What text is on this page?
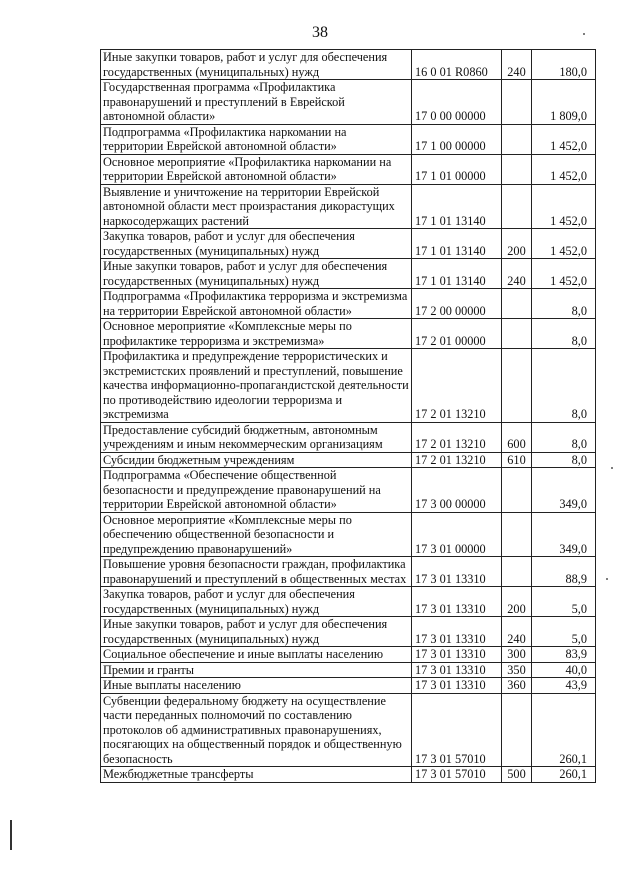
38
Иные закупки товаров, работ и услуг для обеспечения государственных (муниципальных) нужд	16 0 01 R0860	240	180,0
Государственная программа «Профилактика правонарушений и преступлений в Еврейской автономной области»	17 0 00 00000		1 809,0
Подпрограмма «Профилактика наркомании на территории Еврейской автономной области»	17 1 00 00000		1 452,0
Основное мероприятие «Профилактика наркомании на территории Еврейской автономной области»	17 1 01 00000		1 452,0
Выявление и уничтожение на территории Еврейской автономной области мест произрастания дикорастущих наркосодержащих растений	17 1 01 13140		1 452,0
Закупка товаров, работ и услуг для обеспечения государственных (муниципальных) нужд	17 1 01 13140	200	1 452,0
Иные закупки товаров, работ и услуг для обеспечения государственных (муниципальных) нужд	17 1 01 13140	240	1 452,0
Подпрограмма «Профилактика терроризма и экстремизма на территории Еврейской автономной области»	17 2 00 00000		8,0
Основное мероприятие «Комплексные меры по профилактике терроризма и экстремизма»	17 2 01 00000		8,0
Профилактика и предупреждение террористических и экстремистских проявлений и преступлений, повышение качества информационно-пропагандистской деятельности по противодействию идеологии терроризма и экстремизма	17 2 01 13210		8,0
Предоставление субсидий бюджетным, автономным учреждениям и иным некоммерческим организациям	17 2 01 13210	600	8,0
Субсидии бюджетным учреждениям	17 2 01 13210	610	8,0
Подпрограмма «Обеспечение общественной безопасности и предупреждение правонарушений на территории Еврейской автономной области»	17 3 00 00000		349,0
Основное мероприятие «Комплексные меры по обеспечению общественной безопасности и предупреждению правонарушений»	17 3 01 00000		349,0
Повышение уровня безопасности граждан, профилактика правонарушений и преступлений в общественных местах	17 3 01 13310		88,9
Закупка товаров, работ и услуг для обеспечения государственных (муниципальных) нужд	17 3 01 13310	200	5,0
Иные закупки товаров, работ и услуг для обеспечения государственных (муниципальных) нужд	17 3 01 13310	240	5,0
Социальное обеспечение и иные выплаты населению	17 3 01 13310	300	83,9
Премии и гранты	17 3 01 13310	350	40,0
Иные выплаты населению	17 3 01 13310	360	43,9
Субвенции федеральному бюджету на осуществление части переданных полномочий по составлению протоколов об административных правонарушениях, посягающих на общественный порядок и общественную безопасность	17 3 01 57010		260,1
Межбюджетные трансферты	17 3 01 57010	500	260,1
